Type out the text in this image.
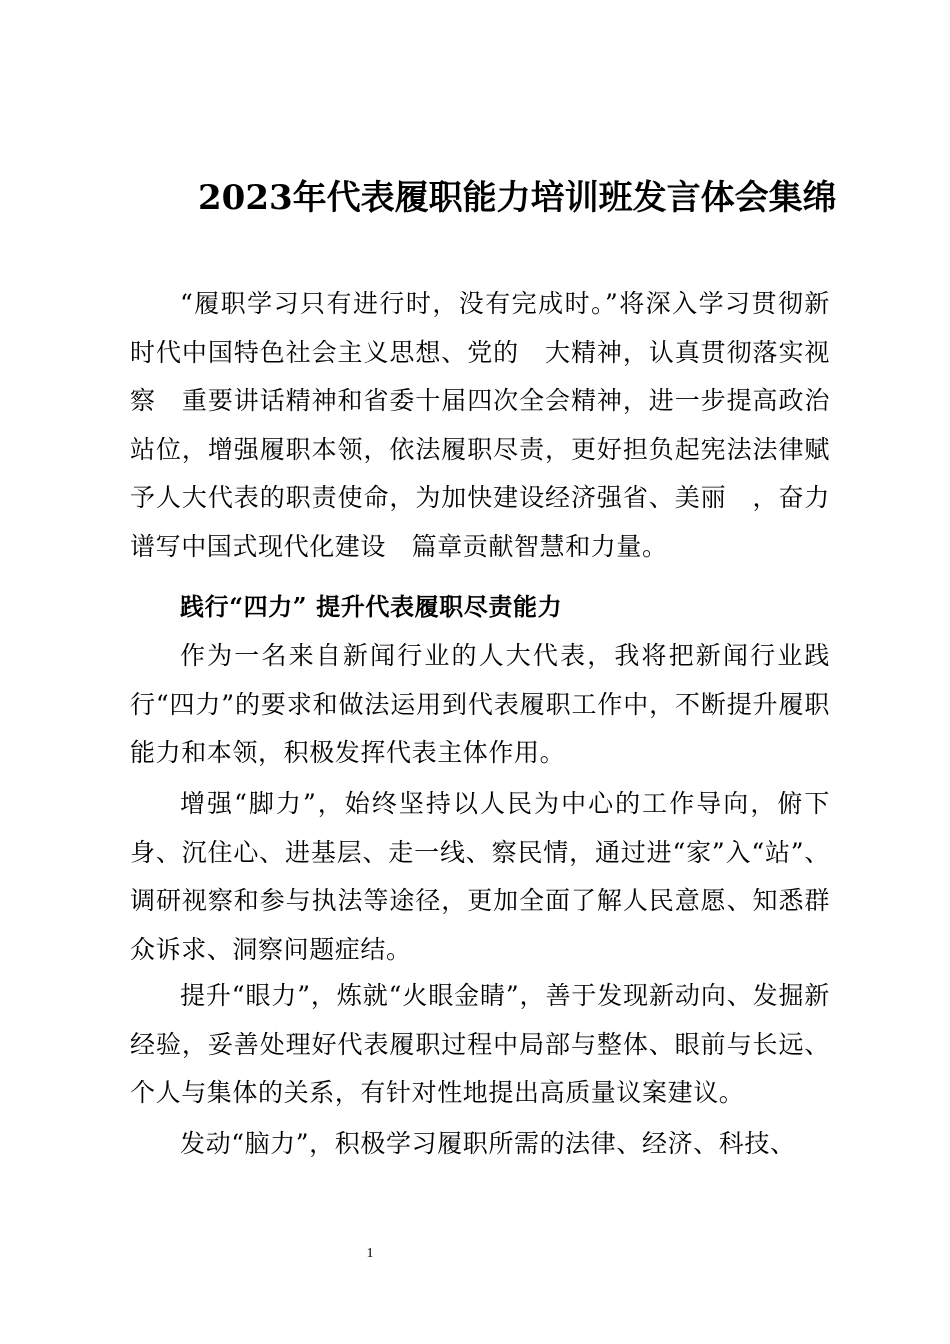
2023年代表履职能力培训班发言体会集绵

“履职学习只有进行时，没有完成时。”将深入学习贯彻新时代中国特色社会主义思想、党的　大精神，认真贯彻落实视察　重要讲话精神和省委十届四次全会精神，进一步提高政治站位，增强履职本领，依法履职尽责，更好担负起宪法法律赋予人大代表的职责使命，为加快建设经济强省、美丽　，奋力谱写中国式现代化建设　篇章贡献智慧和力量。

践行“四力” 提升代表履职尽责能力

作为一名来自新闻行业的人大代表，我将把新闻行业践行“四力”的要求和做法运用到代表履职工作中，不断提升履职能力和本领，积极发挥代表主体作用。

增强“脚力”，始终坚持以人民为中心的工作导向，俯下身、沉住心、进基层、走一线、察民情，通过进“家”入“站”、调研视察和参与执法等途径，更加全面了解人民意愿、知悉群众诉求、洞察问题症结。

提升“眼力”，炼就“火眼金睛”，善于发现新动向、发掘新经验，妥善处理好代表履职过程中局部与整体、眼前与长远、个人与集体的关系，有针对性地提出高质量议案建议。

发动“脑力”，积极学习履职所需的法律、经济、科技、

1
